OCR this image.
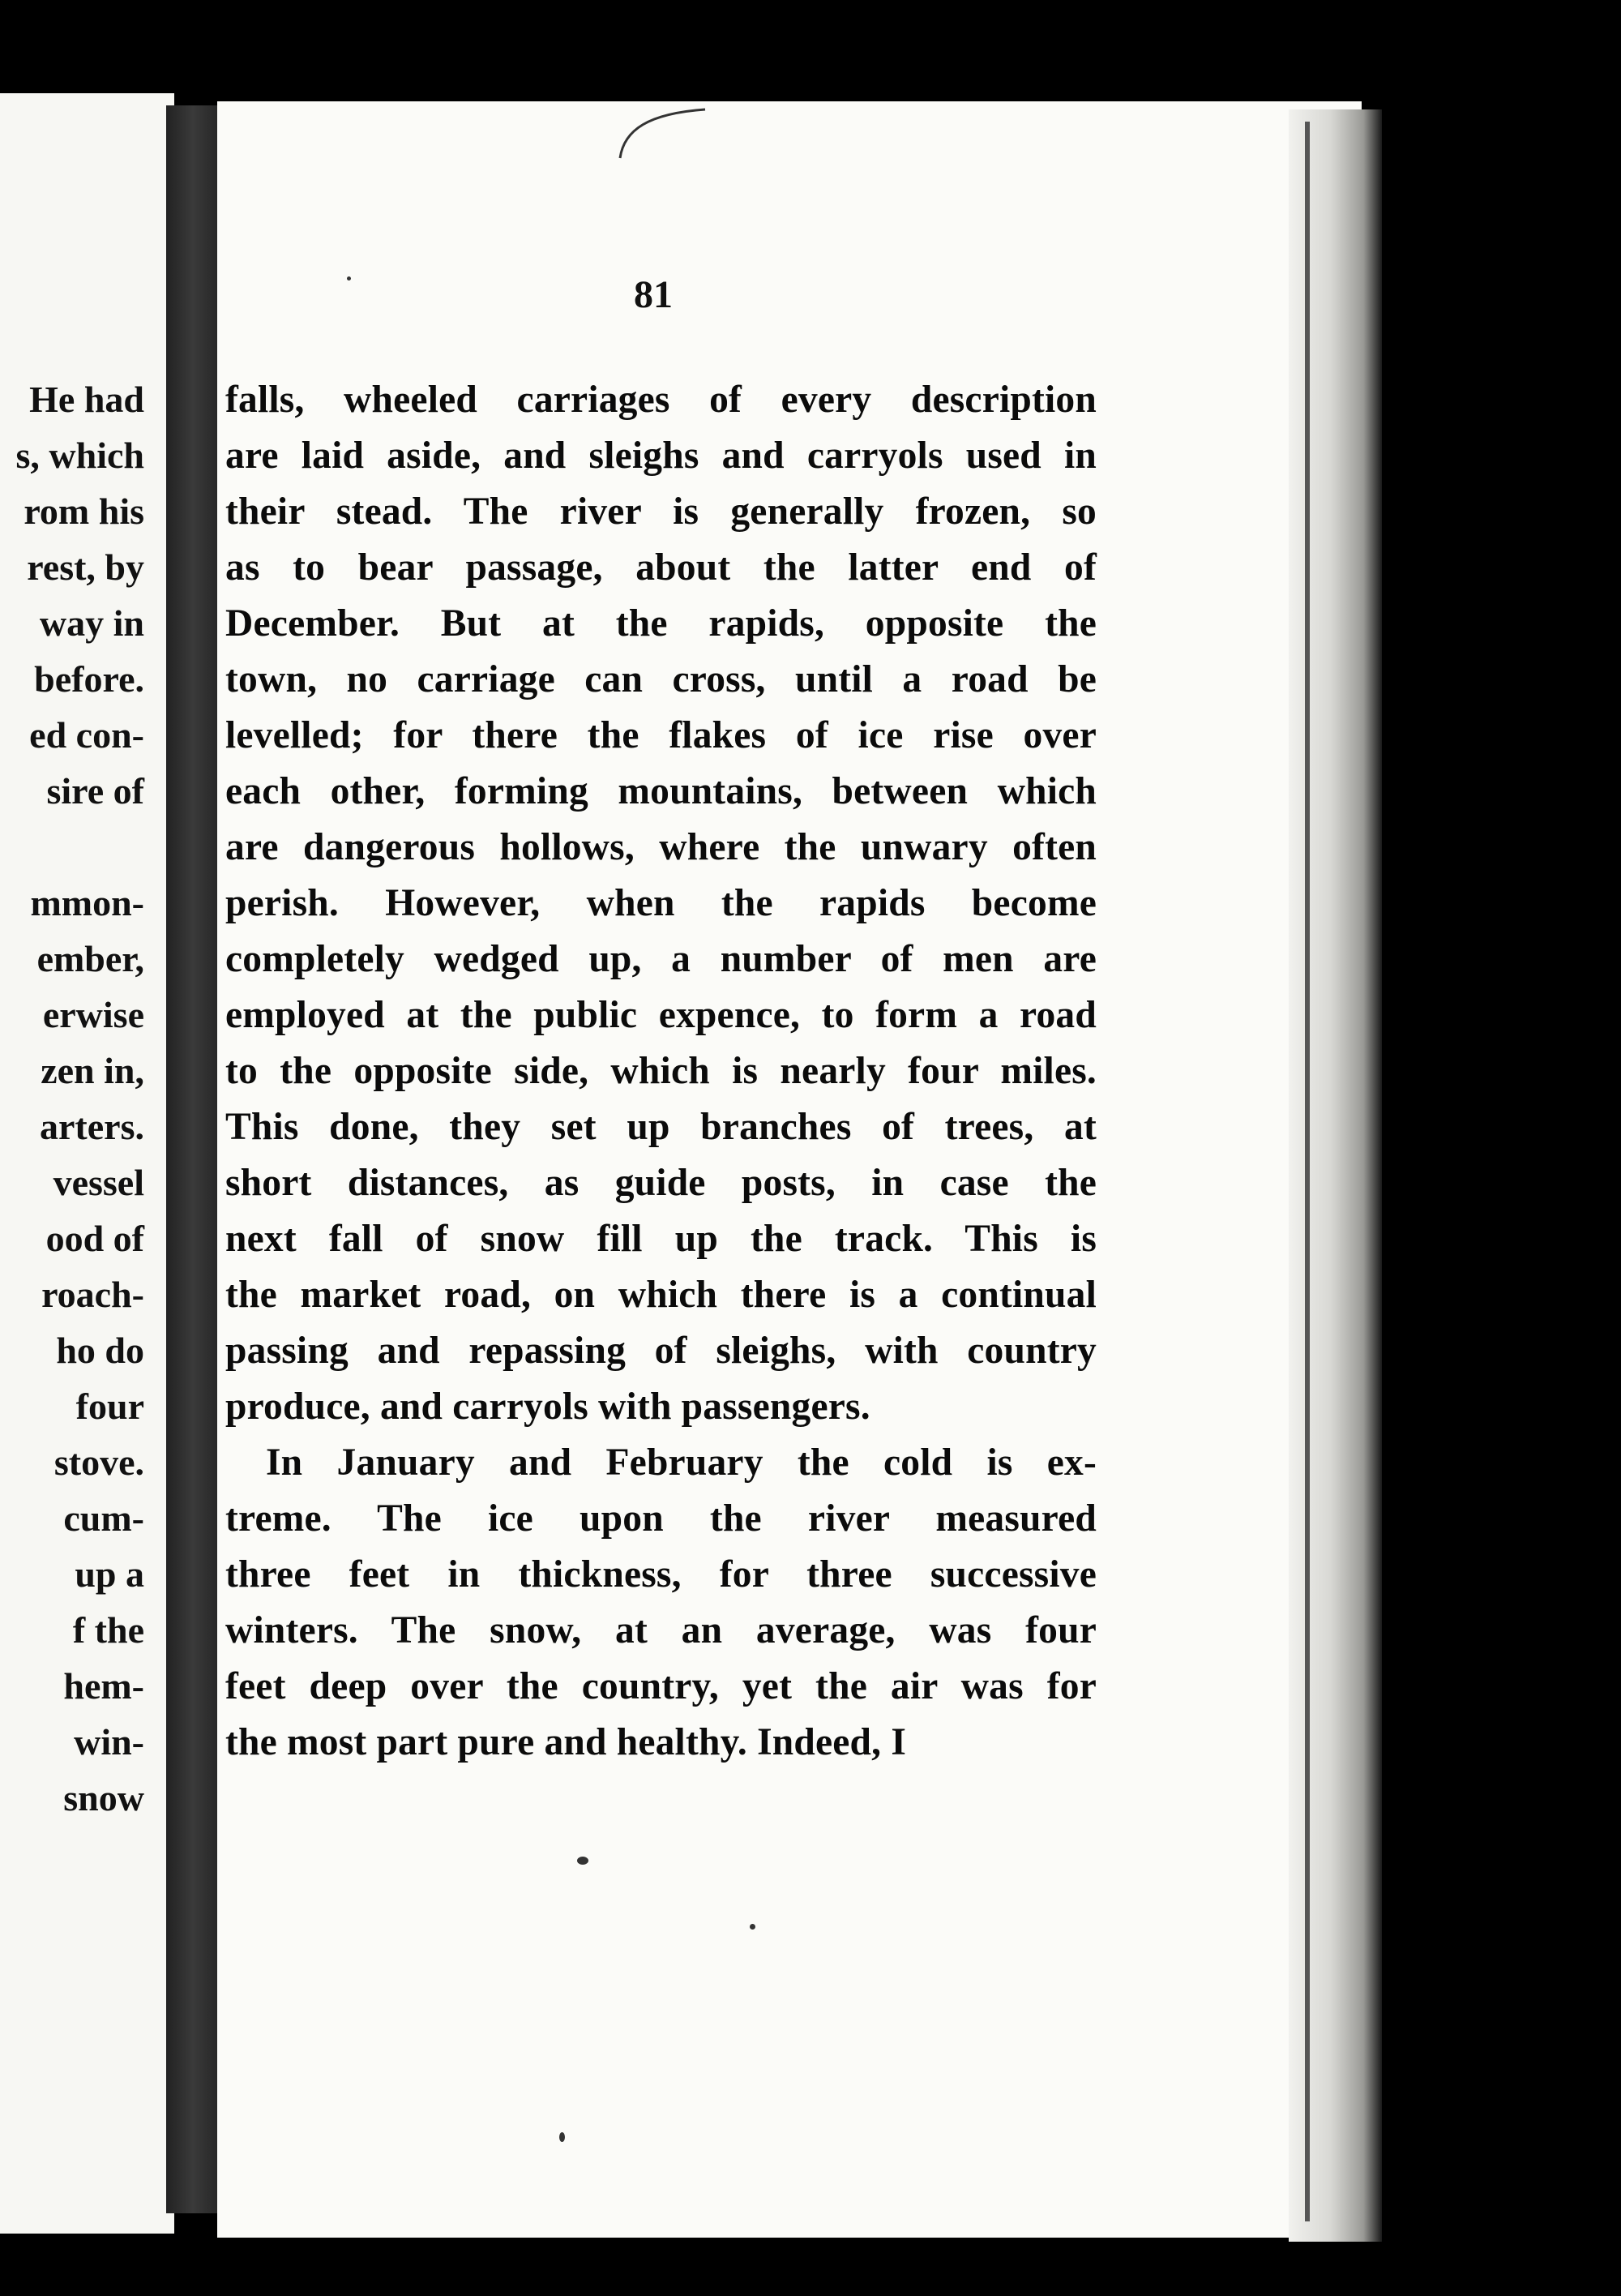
He had
s, which
rom his
rest, by
way in
before.
ed con-
sire of
mmon-
ember,
erwise
zen in,
arters.
vessel
ood of
roach-
ho do
four
stove.
cum-
up a
f the
hem-
win-
snow
81
falls, wheeled carriages of every description
are laid aside, and sleighs and carryols used in
their stead. The river is generally frozen, so
as to bear passage, about the latter end of
December. But at the rapids, opposite the
town, no carriage can cross, until a road be
levelled; for there the flakes of ice rise over
each other, forming mountains, between which
are dangerous hollows, where the unwary often
perish. However, when the rapids become
completely wedged up, a number of men are
employed at the public expence, to form a road
to the opposite side, which is nearly four miles.
This done, they set up branches of trees, at
short distances, as guide posts, in case the
next fall of snow fill up the track. This is
the market road, on which there is a continual
passing and repassing of sleighs, with country
produce, and carryols with passengers.
In January and February the cold is ex-
treme. The ice upon the river measured
three feet in thickness, for three successive
winters. The snow, at an average, was four
feet deep over the country, yet the air was for
the most part pure and healthy. Indeed, I
